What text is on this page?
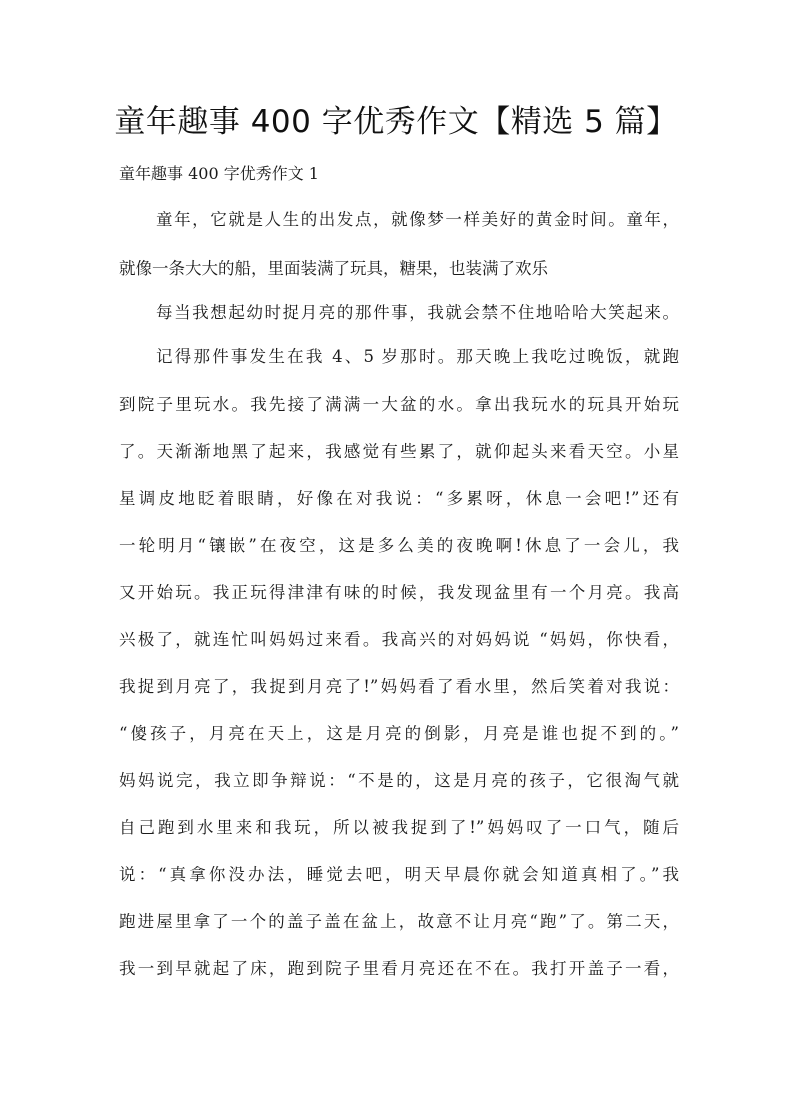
童年趣事 400 字优秀作文【精选 5 篇】
童年趣事 400 字优秀作文 1
童年，它就是人生的出发点，就像梦一样美好的黄金时间。童年，
就像一条大大的船，里面装满了玩具，糖果，也装满了欢乐
每当我想起幼时捉月亮的那件事，我就会禁不住地哈哈大笑起来。
记得那件事发生在我 4、5 岁那时。那天晚上我吃过晚饭，就跑
到院子里玩水。我先接了满满一大盆的水。拿出我玩水的玩具开始玩
了。天渐渐地黑了起来，我感觉有些累了，就仰起头来看天空。小星
星调皮地眨着眼睛，好像在对我说：“多累呀，休息一会吧!”还有
一轮明月“镶嵌”在夜空，这是多么美的夜晚啊!休息了一会儿，我
又开始玩。我正玩得津津有味的时候，我发现盆里有一个月亮。我高
兴极了，就连忙叫妈妈过来看。我高兴的对妈妈说 “妈妈，你快看，
我捉到月亮了，我捉到月亮了!”妈妈看了看水里，然后笑着对我说：
“傻孩子，月亮在天上，这是月亮的倒影，月亮是谁也捉不到的。”
妈妈说完，我立即争辩说：“不是的，这是月亮的孩子，它很淘气就
自己跑到水里来和我玩，所以被我捉到了!”妈妈叹了一口气，随后
说：“真拿你没办法，睡觉去吧，明天早晨你就会知道真相了。”我
跑进屋里拿了一个的盖子盖在盆上，故意不让月亮“跑”了。第二天，
我一到早就起了床，跑到院子里看月亮还在不在。我打开盖子一看，
